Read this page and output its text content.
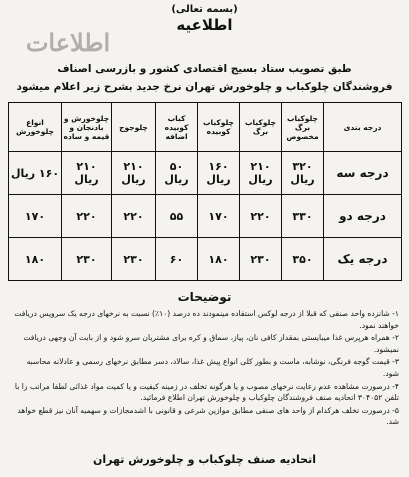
اطلاعات
(بسمه تعالی)
اطلاعیه
طبق تصویب ستاد بسیج اقتصادی کشور و بازرسی اصناف
فروشندگان چلوکباب و چلوخورش تهران نرخ جدید بشرح زیر اعلام میشود
درجه بندی	چلوکباب برگ مخصوص	چلوکباب برگ	چلوکباب کوبیده	کباب کوبیده اضافه	چلوجوج	چلوخورش و بادنجان و قیمه و ساده	انواع چلوخورش
درجه سه	۳۲۰ ریال	۲۱۰ ریال	۱۶۰ ریال	۵۰ ریال	۲۱۰ ریال	۲۱۰ ریال	۱۶۰ ریال
درجه دو	۳۳۰	۲۲۰	۱۷۰	۵۵	۲۲۰	۲۲۰	۱۷۰
درجه یک	۳۵۰	۲۳۰	۱۸۰	۶۰	۲۳۰	۲۳۰	۱۸۰
توضیحات
۱- شانزده واحد صنفی که قبلا از درجه لوکس استفاده مینمودند ده درصد (۱۰٪) نسبت به نرخهای درجه یک سرویس دریافت خواهند نمود.
۲- همراه هرپرس غذا میبایستی بمقدار کافی نان، پیاز، سماق و کره برای مشتریان سرو شود و از بابت آن وجهی دریافت نمیشود.
۳- قیمت گوجه فرنگی، نوشابه، ماست و بطور کلی انواع پیش غذا، سالاد، دسر مطابق نرخهای رسمی و عادلانه محاسبه شود.
۴- درصورت مشاهده عدم رعایت نرخهای مصوب و یا هرگونه تخلف در زمینه کیفیت و یا کمیت مواد غذائی لطفا مراتب را با تلفن ۳۰۴۰۵۲ اتحادیه صنف فروشندگان چلوکباب و چلوخورش تهران اطلاع فرمائید.
۵- درصورت تخلف هرکدام از واحد های صنفی مطابق موازین شرعی و قانونی با اشدمجازات و سهمیه آنان نیز قطع خواهد شد.
اتحادیه صنف چلوکباب و چلوخورش تهران
